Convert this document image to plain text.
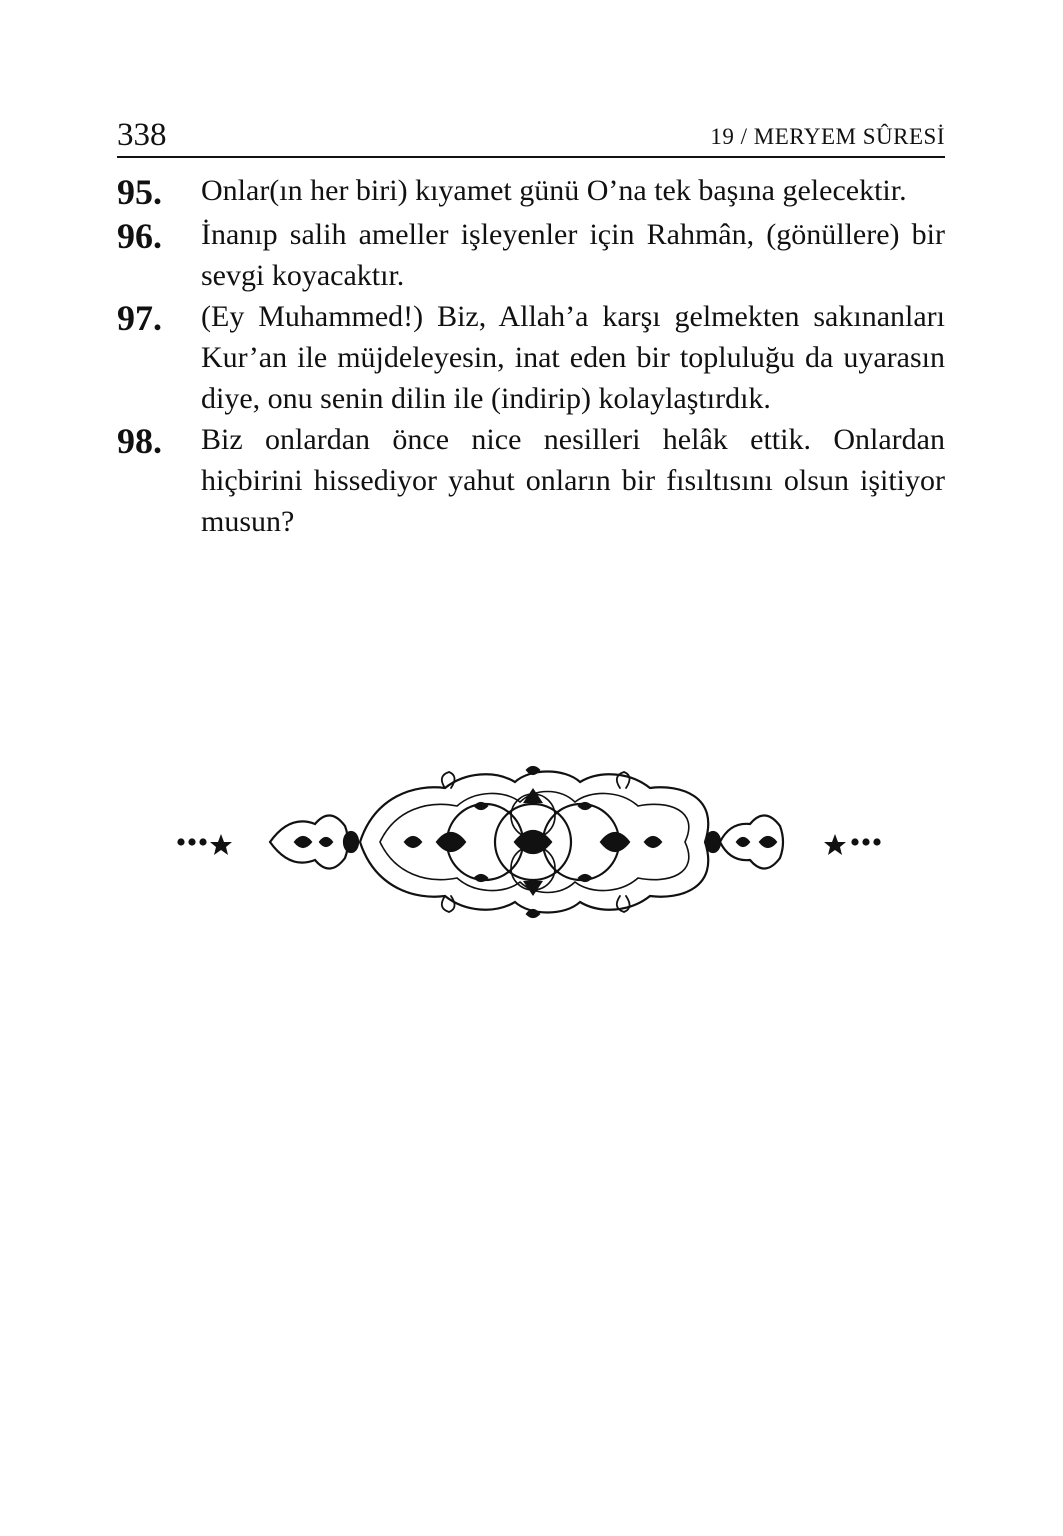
338	19 / MERYEM SÛRESİ
95.	Onlar(ın her biri) kıyamet günü O’na tek başına gelecektir.
96.	İnanıp salih ameller işleyenler için Rahmân, (gönüllere) bir sevgi koyacaktır.
97.	(Ey Muhammed!) Biz, Allah’a karşı gelmekten sakınanları Kur’an ile müjdeleyesin, inat eden bir topluluğu da uyarasın diye, onu senin dilin ile (indirip) kolaylaştırdık.
98.	Biz onlardan önce nice nesilleri helâk ettik. Onlardan hiçbirini hissediyor yahut onların bir fısıltısını olsun işitiyor musun?
